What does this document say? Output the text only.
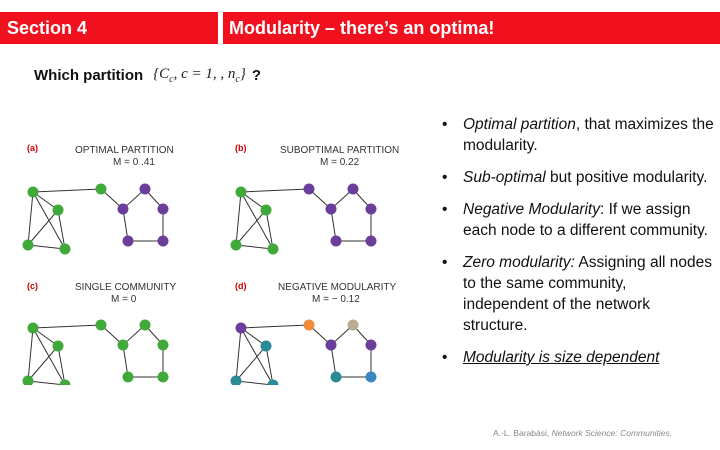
Section 4	Modularity – there’s an optima!
Which partition {$C_c$, c = 1, , $n_c$} ?
(a)	OPTIMAL PARTITION
M = 0 .41
(b)	SUBOPTIMAL PARTITION
M = 0.22
(c)	SINGLE COMMUNITY
M = 0
(d)	NEGATIVE MODULARITY
M = − 0.12
• Optimal partition, that maximizes the modularity.
• Sub-optimal but positive modularity.
• Negative Modularity: If we assign each node to a different community.
• Zero modularity: Assigning all nodes to the same community, independent of the network structure.
• Modularity is size dependent
A.-L. Barabási, Network Science: Communities.
